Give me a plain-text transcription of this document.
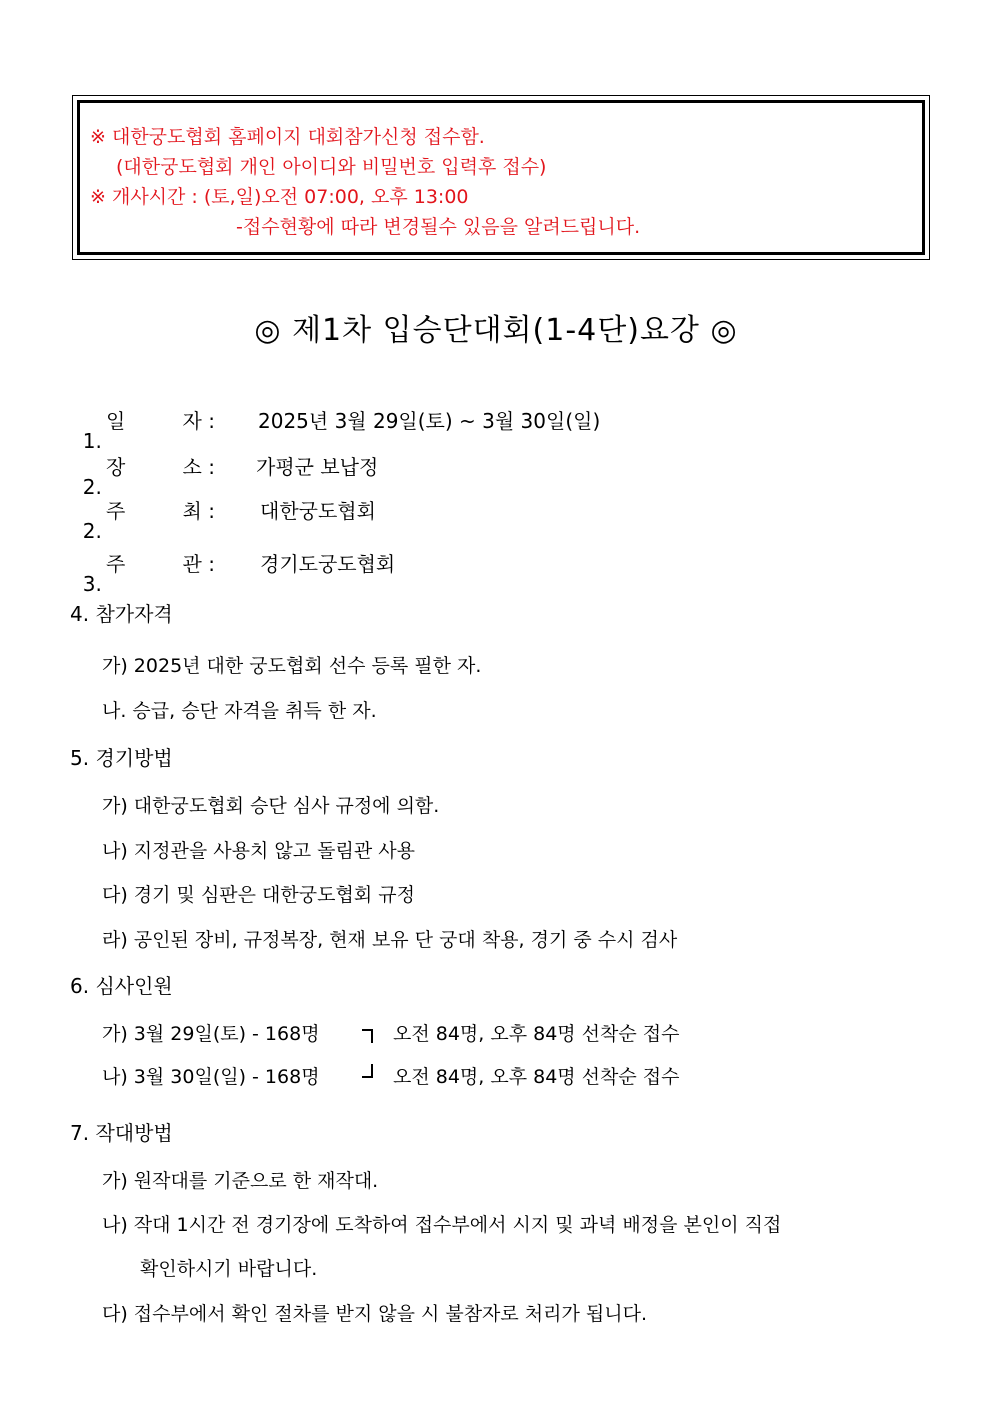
※ 대한궁도협회 홈페이지 대회참가신청 접수함.

(대한궁도협회 개인 아이디와 비밀번호 입력후 접수)

※ 개사시간 : (토,일)오전 07:00, 오후 13:00

-접수현황에 따라 변경될수 있음을 알려드립니다.

◎ 제1차 입승단대회(1-4단)요강 ◎

1.

일         자 :

2025년 3월 29일(토) ~ 3월 30일(일)

2.

장         소 :

가평군 보납정

2.

주         최 :

대한궁도협회

3.

주         관 :

경기도궁도협회

4. 참가자격

가) 2025년 대한 궁도협회 선수 등록 필한 자.

나. 승급, 승단 자격을 취득 한 자.

5. 경기방법

가) 대한궁도협회 승단 심사 규정에 의함.

나) 지정관을 사용치 않고 돌림관 사용

다) 경기 및 심판은 대한궁도협회 규정

라) 공인된 장비, 규정복장, 현재 보유 단 궁대 착용, 경기 중 수시 검사

6. 심사인원

가) 3월 29일(토) - 168명	오전 84명, 오후 84명 선착순 접수

나) 3월 30일(일) - 168명	오전 84명, 오후 84명 선착순 접수

7. 작대방법

가) 원작대를 기준으로 한 재작대.

나) 작대 1시간 전 경기장에 도착하여 접수부에서 시지 및 과녁 배정을 본인이 직접

확인하시기 바랍니다.

다) 접수부에서 확인 절차를 받지 않을 시 불참자로 처리가 됩니다.
